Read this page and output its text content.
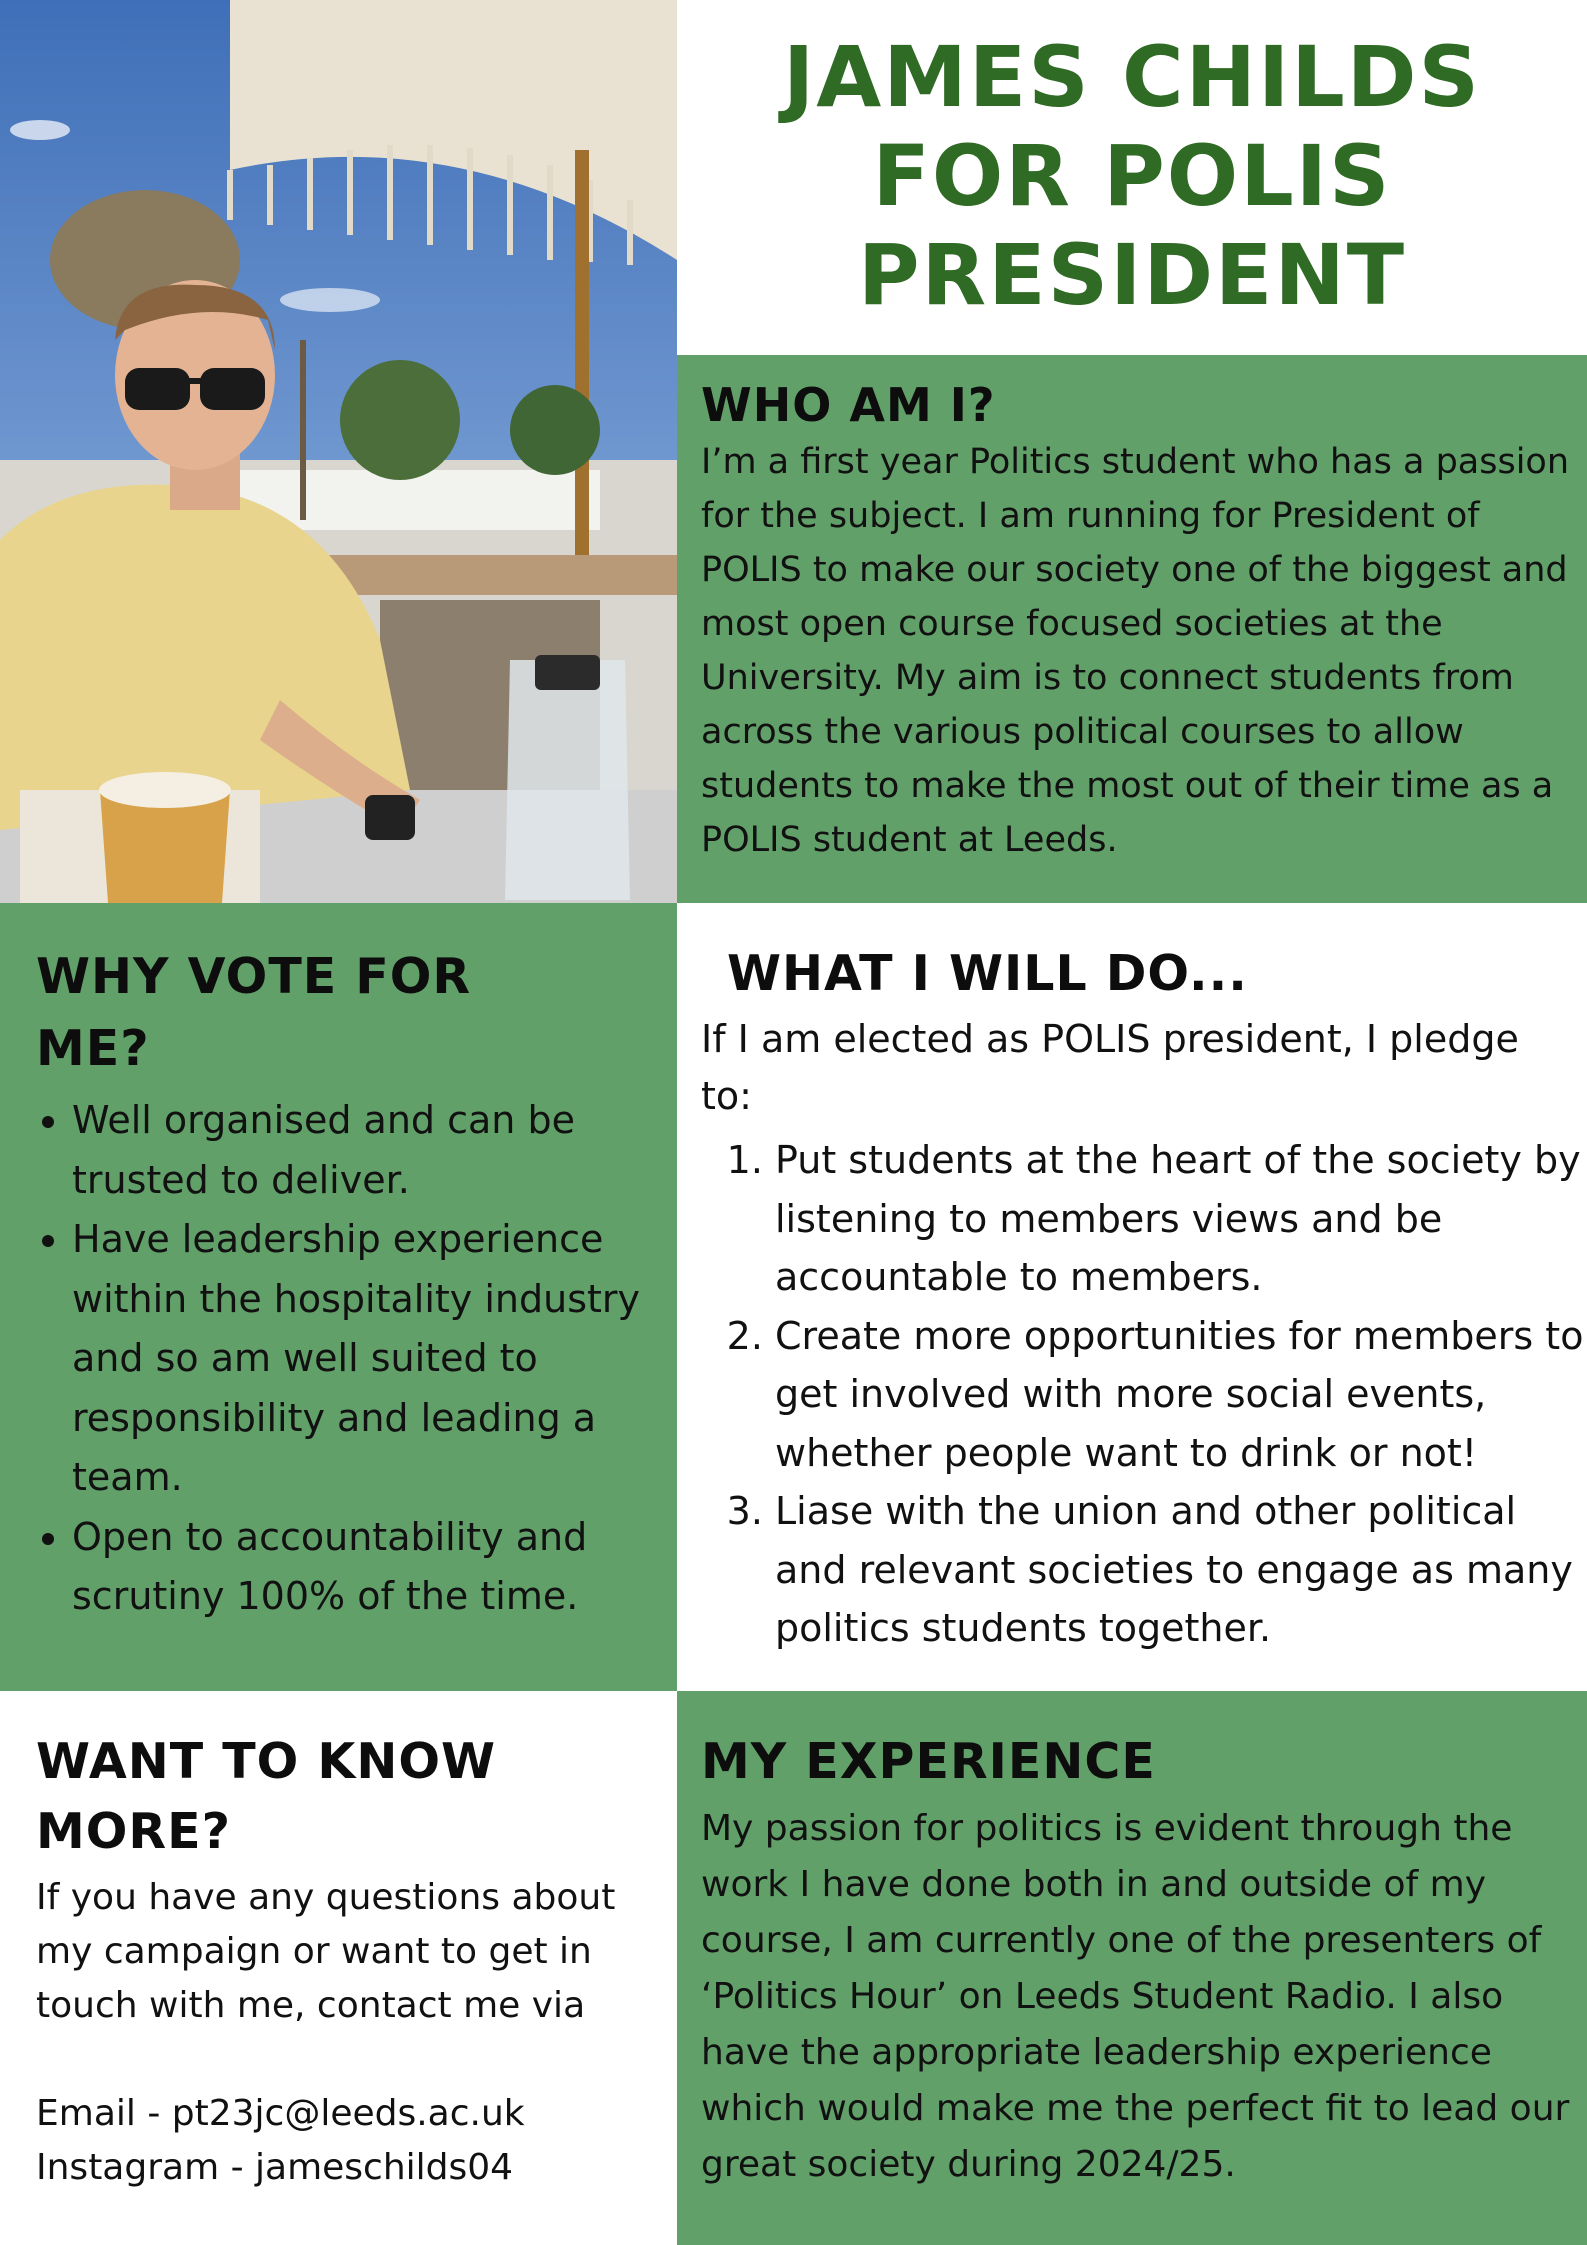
JAMES CHILDS
FOR POLIS
PRESIDENT
WHO AM I?

I’m a first year Politics student who has a passion for the subject. I am running for President of POLIS to make our society one of the biggest and most open course focused societies at the University. My aim is to connect students from across the various political courses to allow students to make the most out of their time as a POLIS student at Leeds.

WHY VOTE FOR ME?
• Well organised and can be trusted to deliver.
• Have leadership experience within the hospitality industry and so am well suited to responsibility and leading a team.
• Open to accountability and scrutiny 100% of the time.
WHAT I WILL DO...

If I am elected as POLIS president, I pledge to:

1. Put students at the heart of the society by listening to members views and be accountable to members.
2. Create more opportunities for members to get involved with more social events, whether people want to drink or not!
3. Liase with the union and other political and relevant societies to engage as many politics students together.
WANT TO KNOW MORE?

If you have any questions about my campaign or want to get in touch with me, contact me via

Email - pt23jc@leeds.ac.uk
Instagram - jameschilds04
MY EXPERIENCE

My passion for politics is evident through the work I have done both in and outside of my course, I am currently one of the presenters of ‘Politics Hour’ on Leeds Student Radio. I also have the appropriate leadership experience which would make me the perfect fit to lead our great society during 2024/25.
